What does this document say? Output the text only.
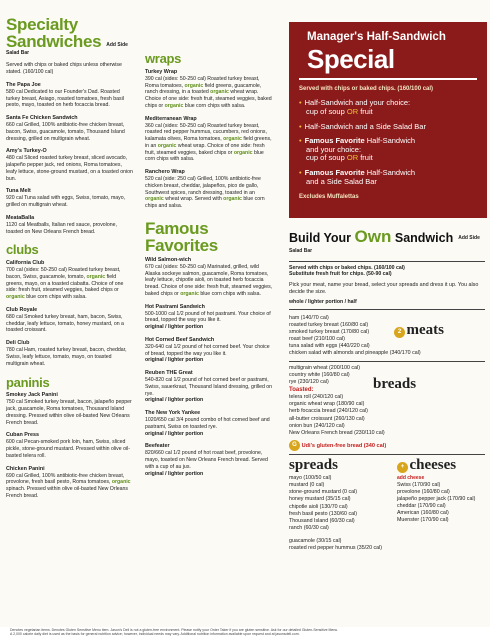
Specialty Sandwiches Add Side Salad Bar
Served with chips or baked chips unless otherwise stated. (160/100 cal)
The Papa Joe
580 cal Dedicated to our Founder's Dad. Roasted turkey breast, Asiago, roasted tomatoes, fresh basil pesto, mayo, toasted on herb focaccia bread.
Santa Fe Chicken Sandwich
660 cal Grilled, 100% antibiotic-free chicken breast, bacon, Swiss, guacamole, tomato, Thousand Island dressing, grilled on multigrain wheat.
Amy's Turkey-O
480 cal Sliced roasted turkey breast, sliced avocado, jalapeño pepper jack, red onions, Roma tomatoes, leafy lettuce, stone-ground mustard, on a toasted onion bun.
Tuna Melt
920 cal Tuna salad with eggs, Swiss, tomato, mayo, grilled on multigrain wheat.
MeataBalla
1120 cal Meatballs, Italian red sauce, provolone, toasted on New Orleans French bread.
clubs
California Club
700 cal (sides: 50-250 cal) Roasted turkey breast, bacon, Swiss, guacamole, tomato, organic field greens, mayo, on a toasted ciabatta. Choice of one side: fresh fruit, steamed veggies, baked chips or organic blue corn chips with salsa.
Club Royale
680 cal Smoked turkey breast, ham, bacon, Swiss, cheddar, leafy lettuce, tomato, honey mustard, on a toasted croissant.
Deli Club
780 cal Ham, roasted turkey breast, bacon, cheddar, Swiss, leafy lettuce, tomato, mayo, on toasted multigrain wheat.
paninis
Smokey Jack Panini
750 cal Smoked turkey breast, bacon, jalapeño pepper jack, guacamole, Roma tomatoes, Thousand Island dressing. Pressed within olive oil-basted New Orleans French bread.
Cuban Press
600 cal Pecan-smoked pork loin, ham, Swiss, sliced pickle, stone-ground mustard. Pressed within olive oil-basted telera roll.
Chicken Panini
690 cal Grilled, 100% antibiotic-free chicken breast, provolone, fresh basil pesto, Roma tomatoes, organic spinach. Pressed within olive oil-basted New Orleans French bread.
wraps
Turkey Wrap
390 cal (sides: 50-250 cal) Roasted turkey breast, Roma tomatoes, organic field greens, guacamole, ranch dressing, in a toasted organic wheat wrap. Choice of one side: fresh fruit, steamed veggies, baked chips or organic blue corn chips with salsa.
Mediterranean Wrap
360 cal (sides: 50-250 cal) Roasted turkey breast, roasted red pepper hummus, cucumbers, red onions, kalamata olives, Roma tomatoes, organic field greens, in an organic wheat wrap. Choice of one side: fresh fruit, steamed veggies, baked chips or organic blue corn chips with salsa.
Ranchero Wrap
520 cal (side: 250 cal) Grilled, 100% antibiotic-free chicken breast, cheddar, jalapeños, pico de gallo, Southwest spices, ranch dressing, toasted in an organic wheat wrap. Served with organic blue corn chips and salsa.
Famous Favorites
Wild Salmon-wich
670 cal (sides: 50-250 cal) Marinated, grilled, wild Alaska sockeye salmon, guacamole, Roma tomatoes, leafy lettuce, chipotle aioli, on toasted herb focaccia bread. Choice of one side: fresh fruit, steamed veggies, baked chips or organic blue corn chips with salsa.
Hot Pastrami Sandwich
500-1000 cal 1/2 pound of hot pastrami. Your choice of bread, topped the way you like it.
original / lighter portion
Hot Corned Beef Sandwich
320-640 cal 1/2 pound of hot corned beef. Your choice of bread, topped the way you like it.
original / lighter portion
Reuben THE Great
540-820 cal 1/2 pound of hot corned beef or pastrami, Swiss, sauerkraut, Thousand Island dressing, grilled on rye.
original / lighter portion
The New York Yankee
1020/650 cal 3/4 pound combo of hot corned beef and pastrami, Swiss on toasted rye.
original / lighter portion
Beefeater
820/660 cal 1/2 pound of hot roast beef, provolone, mayo, toasted on New Orleans French bread. Served with a cup of au jus.
original / lighter portion
Manager's Half-Sandwich
Special
Served with chips or baked chips. (160/100 cal)
• Half-Sandwich and your choice:
cup of soup OR fruit
• Half-Sandwich and a Side Salad Bar
• Famous Favorite Half-Sandwich
and your choice:
cup of soup OR fruit
• Famous Favorite Half-Sandwich
and a Side Salad Bar
Excludes Muffalettas
Build Your Own Sandwich Add Side Salad Bar
Served with chips or baked chips. (160/100 cal)
Substitute fresh fruit for chips. (50-90 cal)
Pick your meat, name your bread, select your spreads and dress it up. You also decide the size.
whole / lighter portion / half
ham (140/70 cal)
roasted turkey breast (160/80 cal)
smoked turkey breast (170/80 cal)
roast beef (210/100 cal)
tuna salad with eggs (440/220 cal)
chicken salad with almonds and pineapple (340/170 cal)
2 meats
multigrain wheat (200/100 cal)
country white (160/80 cal)
rye (230/120 cal)
Toasted:
telera roll (240/120 cal)
organic wheat wrap (180/90 cal)
herb focaccia bread (240/120 cal)
all-butter croissant (260/130 cal)
onion bun (240/120 cal)
New Orleans French bread (230/110 cal)
breads
G Udi's gluten-free bread (340 cal)
spreads
mayo (100/50 cal)
mustard (0 cal)
stone-ground mustard (0 cal)
honey mustard (35/15 cal)
chipotle aioli (130/70 cal)
fresh basil pesto (130/60 cal)
Thousand Island (60/30 cal)
ranch (60/30 cal)
+ cheeses
add cheese
Swiss (170/90 cal)
provolone (160/80 cal)
jalapeño pepper jack (170/90 cal)
cheddar (170/90 cal)
American (160/80 cal)
Muenster (170/90 cal)
guacamole (30/15 cal)
roasted red pepper hummus (35/20 cal)
Denotes vegetarian items. Denotes Gluten Sensitive Menu item. Jason's Deli is not a gluten-free environment. Please notify your Order Taker if you are gluten sensitive. Ask for our detailed Gluten-Sensitive Menu.
A 2,000 calorie daily diet is used as the basis for general nutrition advice; however, individual needs may vary. Additional nutrition information available upon request and at jasonsdeli.com.
